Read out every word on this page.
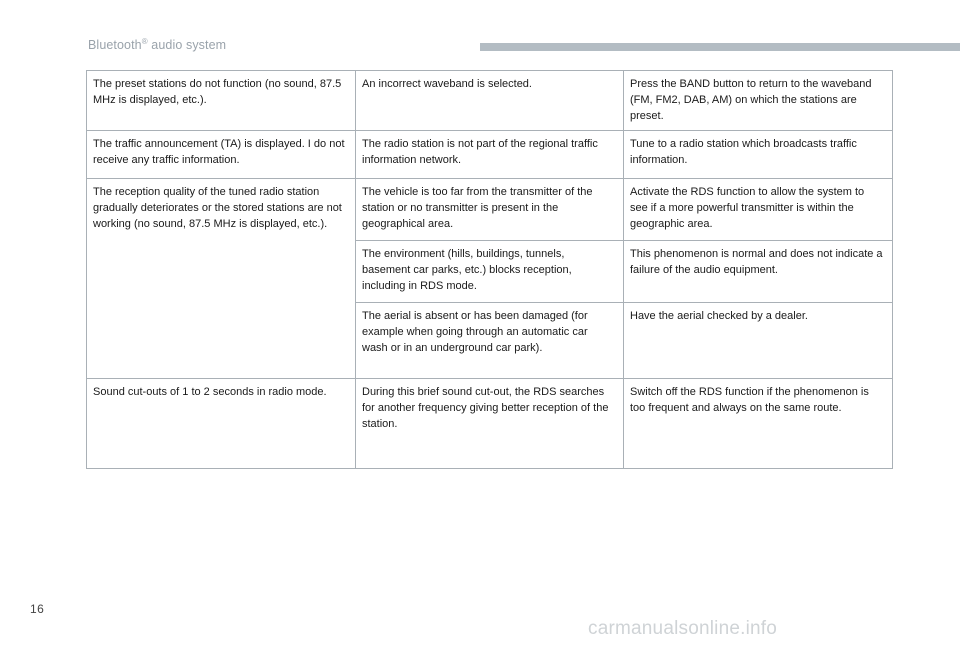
Bluetooth® audio system
The preset stations do not function (no sound, 87.5 MHz is displayed, etc.).	An incorrect waveband is selected.	Press the BAND button to return to the waveband (FM, FM2, DAB, AM) on which the stations are preset.
The traffic announcement (TA) is displayed. I do not receive any traffic information.	The radio station is not part of the regional traffic information network.	Tune to a radio station which broadcasts traffic information.
The reception quality of the tuned radio station gradually deteriorates or the stored stations are not working (no sound, 87.5 MHz is displayed, etc.).	The vehicle is too far from the transmitter of the station or no transmitter is present in the geographical area.	Activate the RDS function to allow the system to see if a more powerful transmitter is within the geographic area.
	The environment (hills, buildings, tunnels, basement car parks, etc.) blocks reception, including in RDS mode.	This phenomenon is normal and does not indicate a failure of the audio equipment.
	The aerial is absent or has been damaged (for example when going through an automatic car wash or in an underground car park).	Have the aerial checked by a dealer.
Sound cut-outs of 1 to 2 seconds in radio mode.	During this brief sound cut-out, the RDS searches for another frequency giving better reception of the station.	Switch off the RDS function if the phenomenon is too frequent and always on the same route.
16
carmanualsonline.info
